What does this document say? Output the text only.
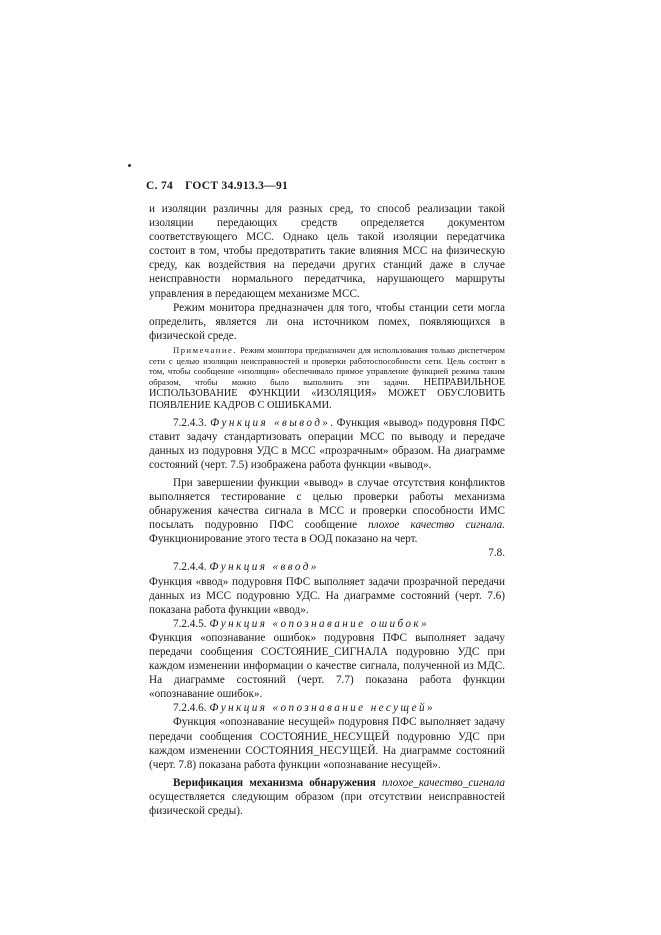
С. 74 ГОСТ 34.913.3—91

и изоляции различны для разных сред, то способ реализации такой изоляции передающих средств определяется документом соответствующего МСС. Однако цель такой изоляции передатчика состоит в том, чтобы предотвратить такие влияния МСС на физическую среду, как воздействия на передачи других станций даже в случае неисправности нормального передатчика, нарушающего маршруты управления в передающем механизме МСС.

Режим монитора предназначен для того, чтобы станции сети могла определить, является ли она источником помех, появляющихся в физической среде.

Примечание. Режим монитора предназначен для использования только диспетчером сети с целью изоляции неисправностей и проверки работоспособности сети. Цель состоит в том, чтобы сообщение «изоляция» обеспечивало прямое управление функцией режима таким образом, чтобы можно было выполнить эти задачи. НЕПРАВИЛЬНОЕ ИСПОЛЬЗОВАНИЕ ФУНКЦИИ «ИЗОЛЯЦИЯ» МОЖЕТ ОБУСЛОВИТЬ ПОЯВЛЕНИЕ КАДРОВ С ОШИБКАМИ.

7.2.4.3. Функция «вывод». Функция «вывод» подуровня ПФС ставит задачу стандартизовать операции МСС по выводу и передаче данных из подуровня УДС в МСС «прозрачным» образом. На диаграмме состояний (черт. 7.5) изображена работа функции «вывод».

При завершении функции «вывод» в случае отсутствия конфликтов выполняется тестирование с целью проверки работы механизма обнаружения качества сигнала в МСС и проверки способности ИМС посылать подуровню ПФС сообщение плохое качество сигнала. Функционирование этого теста в ООД показано на черт.

7.8.

7.2.4.4. Функция «ввод»

Функция «ввод» подуровня ПФС выполняет задачи прозрачной передачи данных из МСС подуровню УДС. На диаграмме состояний (черт. 7.6) показана работа функции «ввод».

7.2.4.5. Функция «опознавание ошибок»

Функция «опознавание ошибок» подуровня ПФС выполняет задачу передачи сообщения СОСТОЯНИЕ_СИГНАЛА подуровню УДС при каждом изменении информации о качестве сигнала, полученной из МДС. На диаграмме состояний (черт. 7.7) показана работа функции «опознавание ошибок».

7.2.4.6. Функция «опознавание несущей»

Функция «опознавание несущей» подуровня ПФС выполняет задачу передачи сообщения СОСТОЯНИЕ_НЕСУЩЕЙ подуровню УДС при каждом изменении СОСТОЯНИЯ_НЕСУЩЕЙ. На диаграмме состояний (черт. 7.8) показана работа функции «опознавание несущей».

Верификация механизма обнаружения плохое_качество_сигнала осуществляется следующим образом (при отсутствии неисправностей физической среды).
